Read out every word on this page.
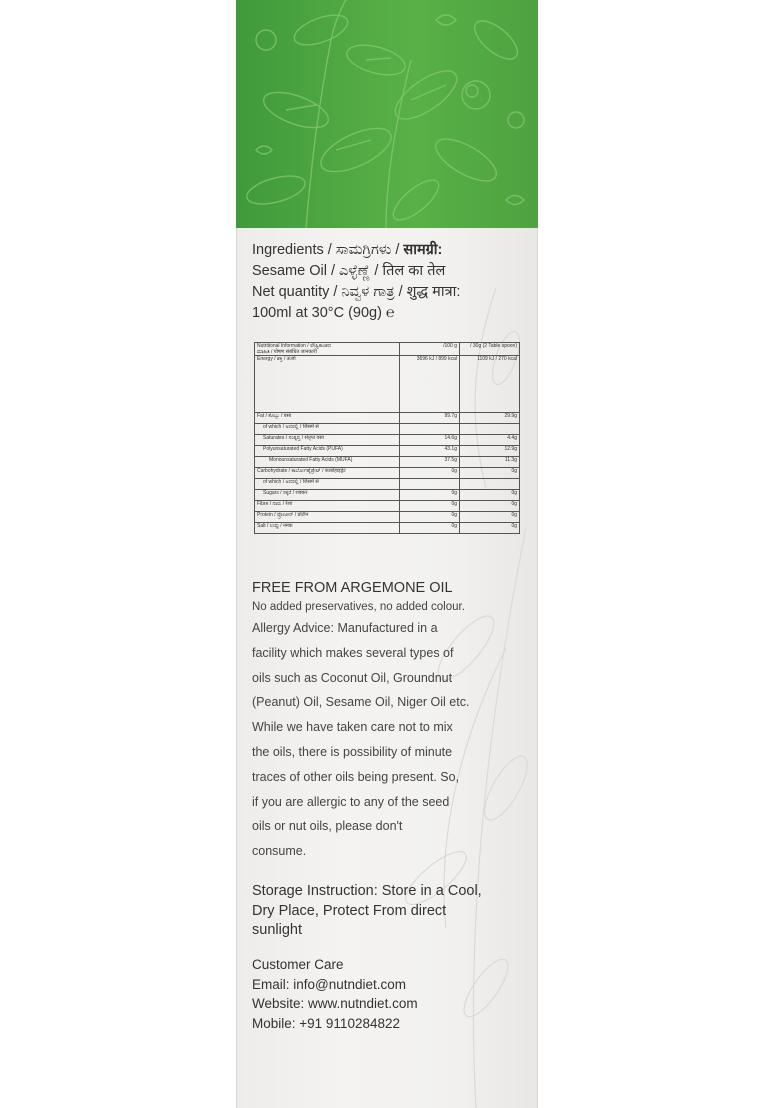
Ingredients / ಸಾಮಗ್ರಿಗಳು / सामग्री:

Sesame Oil / ಎಳ್ಳೆಣ್ಣೆ / तिल का तेल

Net quantity / ನಿವ್ವಳ ಗಾತ್ರ / शुद्ध मात्रा:

100ml at 30°C (90g) ℮

Nutritional Information / ಪೌಷ್ಟಿಕಾಂಶದ
ಮಾಹಿತಿ / पोषण संबंधित जानकारी	/100 g	/ 30g (2 Table spoon)
Energy / ಶಕ್ತಿ / ऊर्जा	3696 kJ / 899 kcal	1109 kJ / 270 kcal
Fat / ಕೊಬ್ಬು / वसा	99.7g	29.9g
of which / ಅದರಲ್ಲಿ / जिसमें से		
Saturates / ಸಂತೃಪ್ತ / संतृप्त वसा	14.6g	4.4g
Polyunsaturated Fatty Acids (PUFA)	43.1g	12.9g
Monounsaturated Fatty Acids (MUFA)	37.5g	11.3g
Carbohydrate / ಕಾರ್ಬೋಹೈಡ್ರೇಟ್ / कार्बोहाइड्रेट	0g	0g
of which / ಅದರಲ್ಲಿ / जिसमें से		
Sugars / ಸಕ್ಕರೆ / शक्कर	0g	0g
Fibre / ನಾರು / रेशा	0g	0g
Protein / ಪ್ರೋಟೀನ್ / प्रोटीन	0g	0g
Salt / ಉಪ್ಪು / नमक	0g	0g
FREE FROM ARGEMONE OIL
No added preservatives, no added colour.
Allergy Advice: Manufactured in a
facility which makes several types of
oils such as Coconut Oil, Groundnut
(Peanut) Oil, Sesame Oil, Niger Oil etc.
While we have taken care not to mix
the oils, there is possibility of minute
traces of other oils being present. So,
if you are allergic to any of the seed
oils or nut oils, please don't
consume.
Storage Instruction: Store in a Cool, Dry Place, Protect From direct sunlight
Customer Care
Email: info@nutndiet.com
Website: www.nutndiet.com
Mobile: +91 9110284822
